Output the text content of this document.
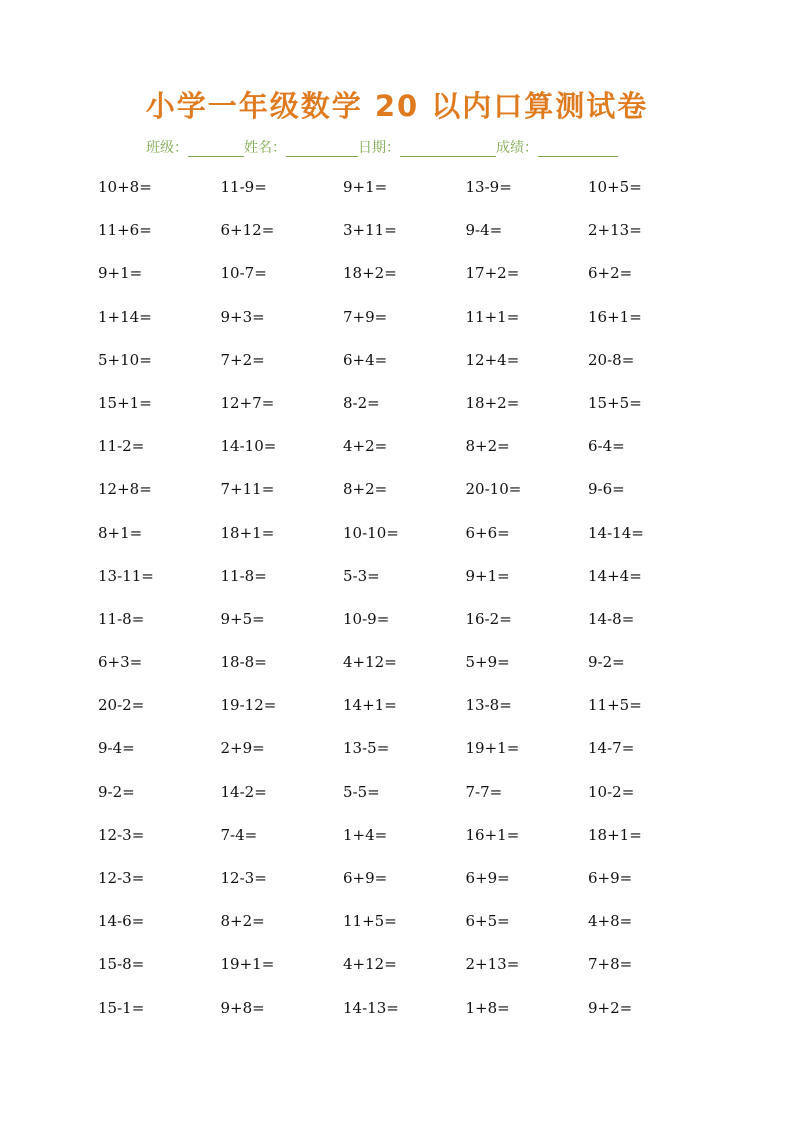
小学一年级数学 20 以内口算测试卷
班级：	姓名：	日期：	成绩：
10+8=	11-9=	9+1=	13-9=	10+5=
11+6=	6+12=	3+11=	9-4=	2+13=
9+1=	10-7=	18+2=	17+2=	6+2=
1+14=	9+3=	7+9=	11+1=	16+1=
5+10=	7+2=	6+4=	12+4=	20-8=
15+1=	12+7=	8-2=	18+2=	15+5=
11-2=	14-10=	4+2=	8+2=	6-4=
12+8=	7+11=	8+2=	20-10=	9-6=
8+1=	18+1=	10-10=	6+6=	14-14=
13-11=	11-8=	5-3=	9+1=	14+4=
11-8=	9+5=	10-9=	16-2=	14-8=
6+3=	18-8=	4+12=	5+9=	9-2=
20-2=	19-12=	14+1=	13-8=	11+5=
9-4=	2+9=	13-5=	19+1=	14-7=
9-2=	14-2=	5-5=	7-7=	10-2=
12-3=	7-4=	1+4=	16+1=	18+1=
12-3=	12-3=	6+9=	6+9=	6+9=
14-6=	8+2=	11+5=	6+5=	4+8=
15-8=	19+1=	4+12=	2+13=	7+8=
15-1=	9+8=	14-13=	1+8=	9+2=
